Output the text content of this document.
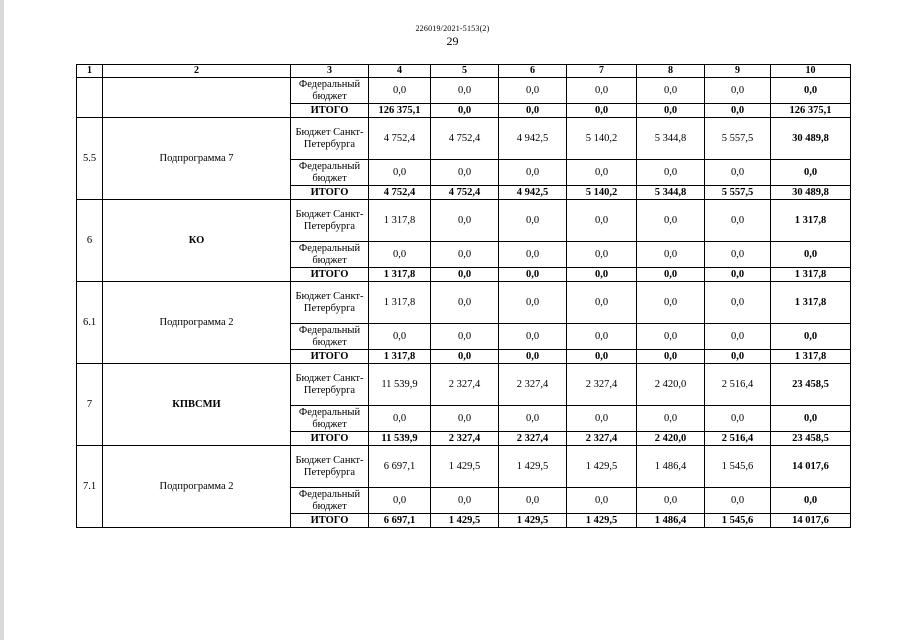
226019/2021-5153(2)
29
1	2	3	4	5	6	7	8	9	10
		Федеральный бюджет	0,0	0,0	0,0	0,0	0,0	0,0	0,0
		ИТОГО	126 375,1	0,0	0,0	0,0	0,0	0,0	126 375,1
5.5	Подпрограмма 7	Бюджет Санкт-Петербурга	4 752,4	4 752,4	4 942,5	5 140,2	5 344,8	5 557,5	30 489,8
		Федеральный бюджет	0,0	0,0	0,0	0,0	0,0	0,0	0,0
		ИТОГО	4 752,4	4 752,4	4 942,5	5 140,2	5 344,8	5 557,5	30 489,8
6	КО	Бюджет Санкт-Петербурга	1 317,8	0,0	0,0	0,0	0,0	0,0	1 317,8
		Федеральный бюджет	0,0	0,0	0,0	0,0	0,0	0,0	0,0
		ИТОГО	1 317,8	0,0	0,0	0,0	0,0	0,0	1 317,8
6.1	Подпрограмма 2	Бюджет Санкт-Петербурга	1 317,8	0,0	0,0	0,0	0,0	0,0	1 317,8
		Федеральный бюджет	0,0	0,0	0,0	0,0	0,0	0,0	0,0
		ИТОГО	1 317,8	0,0	0,0	0,0	0,0	0,0	1 317,8
7	КПВСМИ	Бюджет Санкт-Петербурга	11 539,9	2 327,4	2 327,4	2 327,4	2 420,0	2 516,4	23 458,5
		Федеральный бюджет	0,0	0,0	0,0	0,0	0,0	0,0	0,0
		ИТОГО	11 539,9	2 327,4	2 327,4	2 327,4	2 420,0	2 516,4	23 458,5
7.1	Подпрограмма 2	Бюджет Санкт-Петербурга	6 697,1	1 429,5	1 429,5	1 429,5	1 486,4	1 545,6	14 017,6
		Федеральный бюджет	0,0	0,0	0,0	0,0	0,0	0,0	0,0
		ИТОГО	6 697,1	1 429,5	1 429,5	1 429,5	1 486,4	1 545,6	14 017,6
